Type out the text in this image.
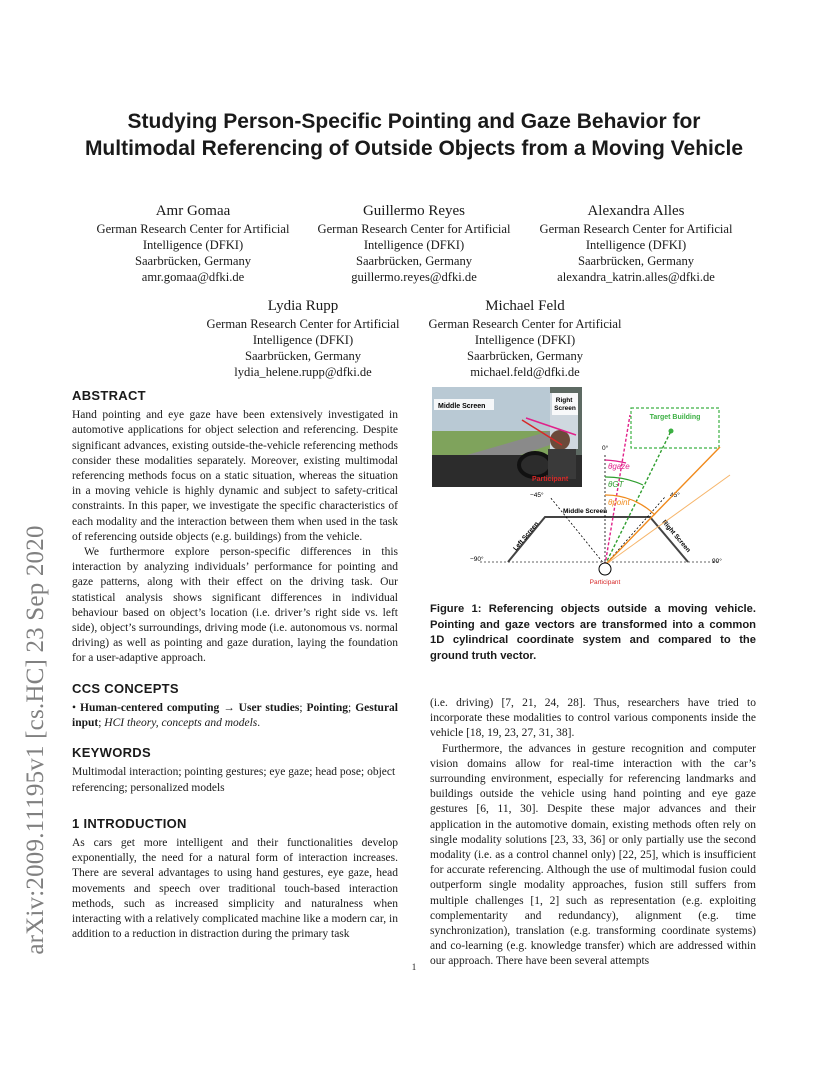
arXiv:2009.11195v1 [cs.HC] 23 Sep 2020
Studying Person-Specific Pointing and Gaze Behavior for Multimodal Referencing of Outside Objects from a Moving Vehicle
Amr Gomaa
German Research Center for Artificial
Intelligence (DFKI)
Saarbrücken, Germany
amr.gomaa@dfki.de
Guillermo Reyes
German Research Center for Artificial
Intelligence (DFKI)
Saarbrücken, Germany
guillermo.reyes@dfki.de
Alexandra Alles
German Research Center for Artificial
Intelligence (DFKI)
Saarbrücken, Germany
alexandra_katrin.alles@dfki.de
Lydia Rupp
German Research Center for Artificial
Intelligence (DFKI)
Saarbrücken, Germany
lydia_helene.rupp@dfki.de
Michael Feld
German Research Center for Artificial
Intelligence (DFKI)
Saarbrücken, Germany
michael.feld@dfki.de
ABSTRACT

Hand pointing and eye gaze have been extensively investigated in automotive applications for object selection and referencing. Despite significant advances, existing outside-the-vehicle referencing methods consider these modalities separately. Moreover, existing multimodal referencing methods focus on a static situation, whereas the situation in a moving vehicle is highly dynamic and subject to safety-critical constraints. In this paper, we investigate the specific characteristics of each modality and the interaction between them when used in the task of referencing outside objects (e.g. buildings) from the vehicle.

We furthermore explore person-specific differences in this interaction by analyzing individuals’ performance for pointing and gaze patterns, along with their effect on the driving task. Our statistical analysis shows significant differences in individual behaviour based on object’s location (i.e. driver’s right side vs. left side), object’s surroundings, driving mode (i.e. autonomous vs. normal driving) as well as pointing and gaze duration, laying the foundation for a user-adaptive approach.

CCS CONCEPTS

• Human-centered computing → User studies; Pointing; Gestural input; HCI theory, concepts and models.

KEYWORDS

Multimodal interaction; pointing gestures; eye gaze; head pose; object referencing; personalized models

1 INTRODUCTION

As cars get more intelligent and their functionalities develop exponentially, the need for a natural form of interaction increases. There are several advantages to using hand gestures, eye gaze, head movements and speech over traditional touch-based interaction methods, such as increased simplicity and naturalness when interacting with a relatively complicated machine like a modern car, in addition to a reduction in distraction during the primary task

Middle Screen
Right Screen
Participant
Target Building
Middle Screen
Left Screen	Right Screen
0°
45°
−45°
−90°	90°
θgaze
θGT
θpoint
Participant
Figure 1: Referencing objects outside a moving vehicle. Pointing and gaze vectors are transformed into a common 1D cylindrical coordinate system and compared to the ground truth vector.

(i.e. driving) [7, 21, 24, 28]. Thus, researchers have tried to incorporate these modalities to control various components inside the vehicle [18, 19, 23, 27, 31, 38].

Furthermore, the advances in gesture recognition and computer vision domains allow for real-time interaction with the car’s surrounding environment, especially for referencing landmarks and buildings outside the vehicle using hand pointing and eye gaze gestures [6, 11, 30]. Despite these major advances and their application in the automotive domain, existing methods often rely on single modality solutions [23, 33, 36] or only partially use the second modality (i.e. as a control channel only) [22, 25], which is insufficient for accurate referencing. Although the use of multimodal fusion could outperform single modality approaches, fusion still suffers from multiple challenges [1, 2] such as representation (e.g. exploiting complementarity and redundancy), alignment (e.g. time synchronization), translation (e.g. transforming coordinate systems) and co-learning (e.g. knowledge transfer) which are addressed within our approach. There have been several attempts

1
